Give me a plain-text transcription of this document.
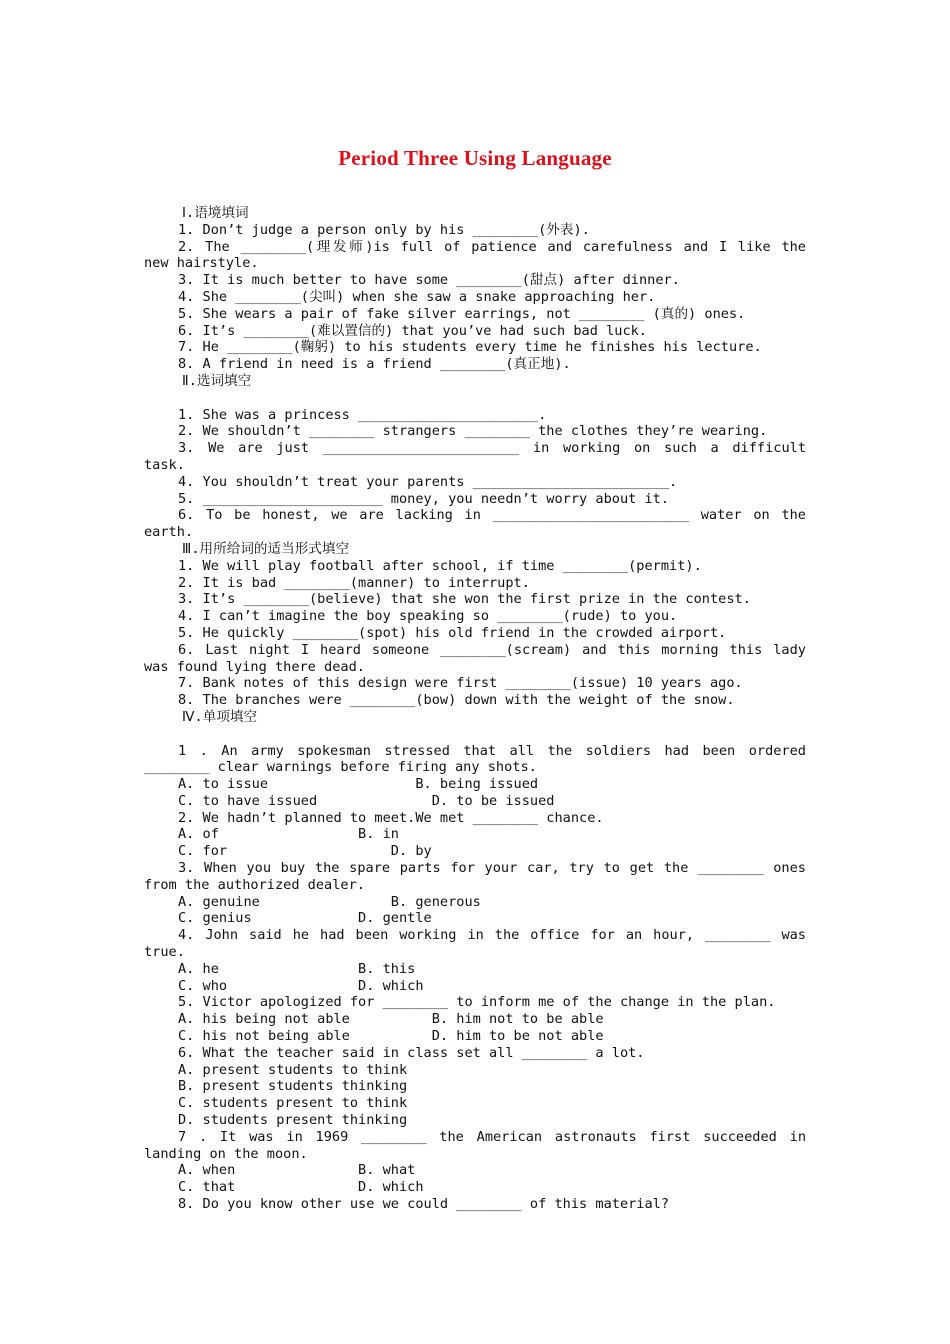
Period Three Using Language
Ⅰ.语境填词
1. Don’t judge a person only by his ________(外表).
2. The ________(理发师)is full of patience and carefulness and I like the
new hairstyle.
3. It is much better to have some ________(甜点) after dinner.
4. She ________(尖叫) when she saw a snake approaching her.
5. She wears a pair of fake silver earrings, not ________ (真的) ones.
6. It’s ________(难以置信的) that you’ve had such bad luck.
7. He ________(鞠躬) to his students every time he finishes his lecture.
8. A friend in need is a friend ________(真正地).
Ⅱ.选词填空
1. She was a princess ______________________.
2. We shouldn’t ________ strangers ________ the clothes they’re wearing.
3. We are just ________________________ in working on such a difficult
task.
4. You shouldn’t treat your parents ________________________.
5. ______________________ money, you needn’t worry about it.
6. To be honest, we are lacking in ________________________ water on the
earth.
Ⅲ.用所给词的适当形式填空
1. We will play football after school, if time ________(permit).
2. It is bad ________(manner) to interrupt.
3. It’s ________(believe) that she won the first prize in the contest.
4. I can’t imagine the boy speaking so ________(rude) to you.
5. He quickly ________(spot) his old friend in the crowded airport.
6. Last night I heard someone ________(scream) and this morning this lady
was found lying there dead.
7. Bank notes of this design were first ________(issue) 10 years ago.
8. The branches were ________(bow) down with the weight of the snow.
Ⅳ.单项填空
1 . An army spokesman stressed that all the soldiers had been ordered
________ clear warnings before firing any shots.
A. to issue                  B. being issued
C. to have issued              D. to be issued
2. We hadn’t planned to meet.We met ________ chance.
A. of                 B. in
C. for                    D. by
3. When you buy the spare parts for your car, try to get the ________ ones
from the authorized dealer.
A. genuine                B. generous
C. genius             D. gentle
4. John said he had been working in the office for an hour, ________ was
true.
A. he                 B. this
C. who                D. which
5. Victor apologized for ________ to inform me of the change in the plan.
A. his being not able          B. him not to be able
C. his not being able          D. him to be not able
6. What the teacher said in class set all ________ a lot.
A. present students to think
B. present students thinking
C. students present to think
D. students present thinking
7 . It was in 1969 ________ the American astronauts first succeeded in
landing on the moon.
A. when               B. what
C. that               D. which
8. Do you know other use we could ________ of this material?
